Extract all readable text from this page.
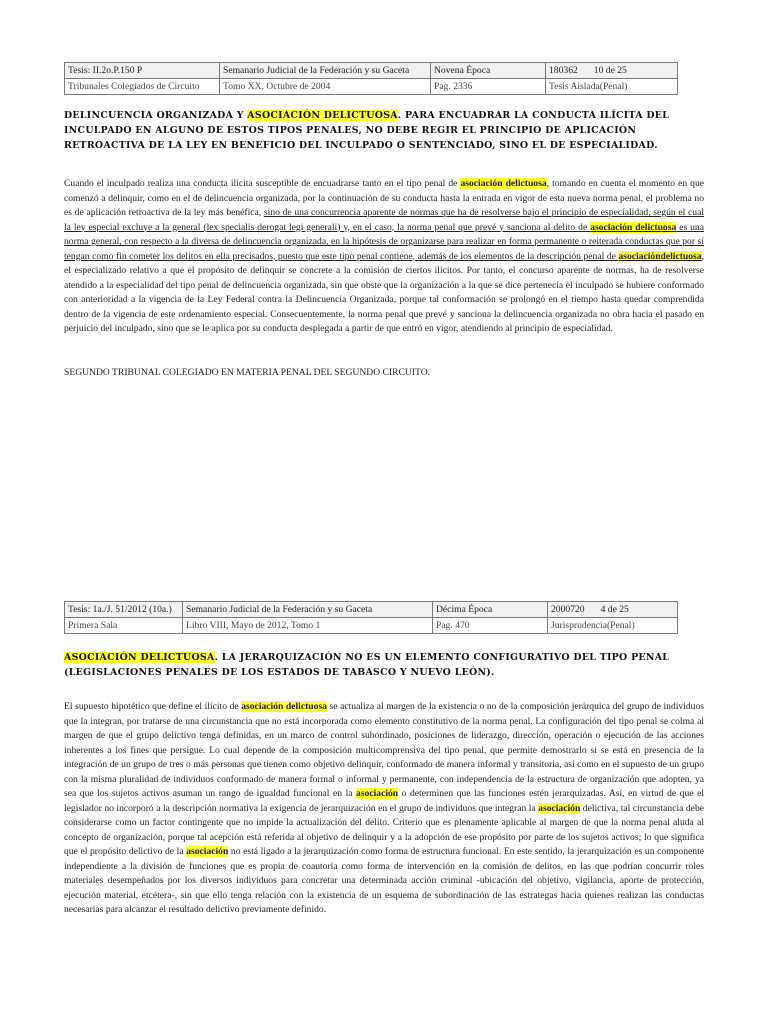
Tesis: II.2o.P.150 P	Semanario Judicial de la Federación y su Gaceta	Novena Época	180362 10 de 25
Tribunales Colegiados de Circuito	Tomo XX, Octubre de 2004	Pag. 2336	Tesis Aislada(Penal)
DELINCUENCIA ORGANIZADA Y ASOCIACIÓN DELICTUOSA. PARA ENCUADRAR LA CONDUCTA ILÍCITA DEL INCULPADO EN ALGUNO DE ESTOS TIPOS PENALES, NO DEBE REGIR EL PRINCIPIO DE APLICACIÓN RETROACTIVA DE LA LEY EN BENEFICIO DEL INCULPADO O SENTENCIADO, SINO EL DE ESPECIALIDAD.
Cuando el inculpado realiza una conducta ilícita susceptible de encuadrarse tanto en el tipo penal de asociación delictuosa, tomando en cuenta el momento en que comenzó a delinquir, como en el de delincuencia organizada, por la continuación de su conducta hasta la entrada en vigor de esta nueva norma penal, el problema no es de aplicación retroactiva de la ley más benéfica, sino de una concurrencia aparente de normas que ha de resolverse bajo el principio de especialidad, según el cual la ley especial excluye a la general (lex specialis derogat legi generali) y, en el caso, la norma penal que prevé y sanciona al delito de asociación delictuosa es una norma general, con respecto a la diversa de delincuencia organizada, en la hipótesis de organizarse para realizar en forma permanente o reiterada conductas que por sí tengan como fin cometer los delitos en ella precisados, puesto que este tipo penal contiene, además de los elementos de la descripción penal de asociacióndelictuosa, el especializado relativo a que el propósito de delinquir se concrete a la comisión de ciertos ilícitos. Por tanto, el concurso aparente de normas, ha de resolverse atendido a la especialidad del tipo penal de delincuencia organizada, sin que obste que la organización a la que se dice pertenecía el inculpado se hubiere conformado con anterioridad a la vigencia de la Ley Federal contra la Delincuencia Organizada, porque tal conformación se prolongó en el tiempo hasta quedar comprendida dentro de la vigencia de este ordenamiento especial. Consecuentemente, la norma penal que prevé y sanciona la delincuencia organizada no obra hacia el pasado en perjuicio del inculpado, sino que se le aplica por su conducta desplegada a partir de que entró en vigor, atendiendo al principio de especialidad.
SEGUNDO TRIBUNAL COLEGIADO EN MATERIA PENAL DEL SEGUNDO CIRCUITO.
Tesis: 1a./J. 51/2012 (10a.)	Semanario Judicial de la Federación y su Gaceta	Décima Época	2000720 4 de 25
Primera Sala	Libro VIII, Mayo de 2012, Tomo 1	Pag. 470	Jurisprudencia(Penal)
ASOCIACIÓN DELICTUOSA. LA JERARQUIZACIÓN NO ES UN ELEMENTO CONFIGURATIVO DEL TIPO PENAL (LEGISLACIONES PENALES DE LOS ESTADOS DE TABASCO Y NUEVO LEÓN).
El supuesto hipotético que define el ilícito de asociación delictuosa se actualiza al margen de la existencia o no de la composición jerárquica del grupo de individuos que la integran, por tratarse de una circunstancia que no está incorporada como elemento constitutivo de la norma penal. La configuración del tipo penal se colma al margen de que el grupo delictivo tenga definidas, en un marco de control subordinado, posiciones de liderazgo, dirección, operación o ejecución de las acciones inherentes a los fines que persigue. Lo cual depende de la composición multicomprensiva del tipo penal, que permite demostrarlo si se está en presencia de la integración de un grupo de tres o más personas que tienen como objetivo delinquir, conformado de manera informal y transitoria, así como en el supuesto de un grupo con la misma pluralidad de individuos conformado de manera formal o informal y permanente, con independencia de la estructura de organización que adopten, ya sea que los sujetos activos asuman un rango de igualdad funcional en la asociación o determinen que las funciones estén jerarquizadas. Así, en virtud de que el legislador no incorporó a la descripción normativa la exigencia de jerarquización en el grupo de individuos que integran la asociación delictiva, tal circunstancia debe considerarse como un factor contingente que no impide la actualización del delito. Criterio que es plenamente aplicable al margen de que la norma penal aluda al concepto de organización, porque tal acepción está referida al objetivo de delinquir y a la adopción de ese propósito por parte de los sujetos activos; lo que significa que el propósito delictivo de la asociación no está ligado a la jerarquización como forma de estructura funcional. En este sentido, la jerarquización es un componente independiente a la división de funciones que es propia de coautoría como forma de intervención en la comisión de delitos, en las que podrían concurrir roles materiales desempeñados por los diversos individuos para concretar una determinada acción criminal -ubicación del objetivo, vigilancia, aporte de protección, ejecución material, etcétera-, sin que ello tenga relación con la existencia de un esquema de subordinación de las estrategas hacia quienes realizan las conductas necesarias para alcanzar el resultado delictivo previamente definido.
